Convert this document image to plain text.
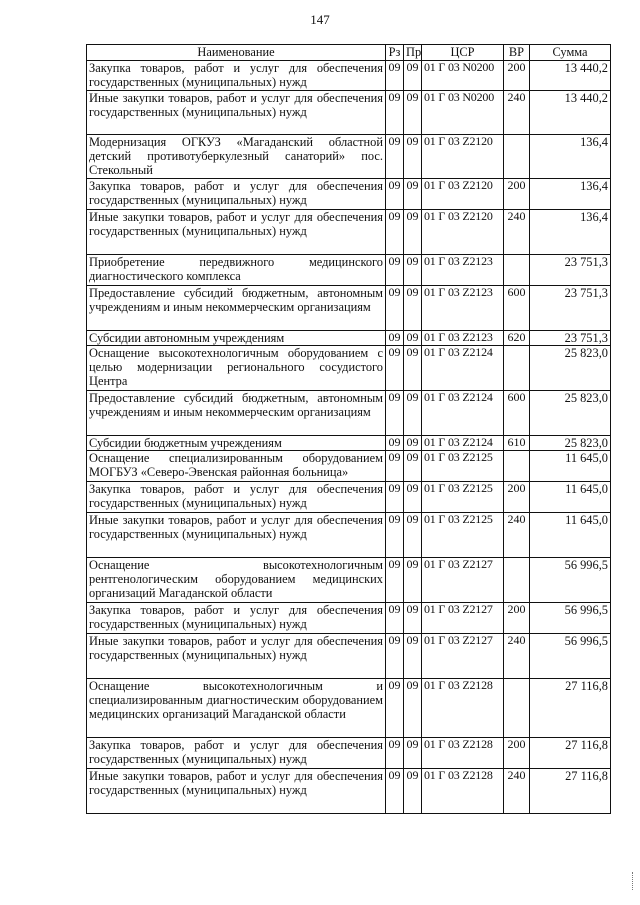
147
Наименование	Рз	Пр	ЦСР	ВР	Сумма
Закупка товаров, работ и услуг для обеспечения государственных (муниципальных) нужд	09	09	01 Г 03 N0200	200	13 440,2
Иные закупки товаров, работ и услуг для обеспечения государственных (муниципальных) нужд	09	09	01 Г 03 N0200	240	13 440,2
Модернизация ОГКУЗ «Магаданский областной детский противотуберкулезный санаторий» пос. Стекольный	09	09	01 Г 03 Z2120		136,4
Закупка товаров, работ и услуг для обеспечения государственных (муниципальных) нужд	09	09	01 Г 03 Z2120	200	136,4
Иные закупки товаров, работ и услуг для обеспечения государственных (муниципальных) нужд	09	09	01 Г 03 Z2120	240	136,4
Приобретение передвижного медицинского диагностического комплекса	09	09	01 Г 03 Z2123		23 751,3
Предоставление субсидий бюджетным, автономным учреждениям и иным некоммерческим организациям	09	09	01 Г 03 Z2123	600	23 751,3
Субсидии автономным учреждениям	09	09	01 Г 03 Z2123	620	23 751,3
Оснащение высокотехнологичным оборудованием с целью модернизации регионального сосудистого Центра	09	09	01 Г 03 Z2124		25 823,0
Предоставление субсидий бюджетным, автономным учреждениям и иным некоммерческим организациям	09	09	01 Г 03 Z2124	600	25 823,0
Субсидии бюджетным учреждениям	09	09	01 Г 03 Z2124	610	25 823,0
Оснащение специализированным оборудованием МОГБУЗ «Северо-Эвенская районная больница»	09	09	01 Г 03 Z2125		11 645,0
Закупка товаров, работ и услуг для обеспечения государственных (муниципальных) нужд	09	09	01 Г 03 Z2125	200	11 645,0
Иные закупки товаров, работ и услуг для обеспечения государственных (муниципальных) нужд	09	09	01 Г 03 Z2125	240	11 645,0
Оснащение высокотехнологичным рентгенологическим оборудованием медицинских организаций Магаданской области	09	09	01 Г 03 Z2127		56 996,5
Закупка товаров, работ и услуг для обеспечения государственных (муниципальных) нужд	09	09	01 Г 03 Z2127	200	56 996,5
Иные закупки товаров, работ и услуг для обеспечения государственных (муниципальных) нужд	09	09	01 Г 03 Z2127	240	56 996,5
Оснащение высокотехнологичным и специализированным диагностическим оборудованием медицинских организаций Магаданской области	09	09	01 Г 03 Z2128		27 116,8
Закупка товаров, работ и услуг для обеспечения государственных (муниципальных) нужд	09	09	01 Г 03 Z2128	200	27 116,8
Иные закупки товаров, работ и услуг для обеспечения государственных (муниципальных) нужд	09	09	01 Г 03 Z2128	240	27 116,8
